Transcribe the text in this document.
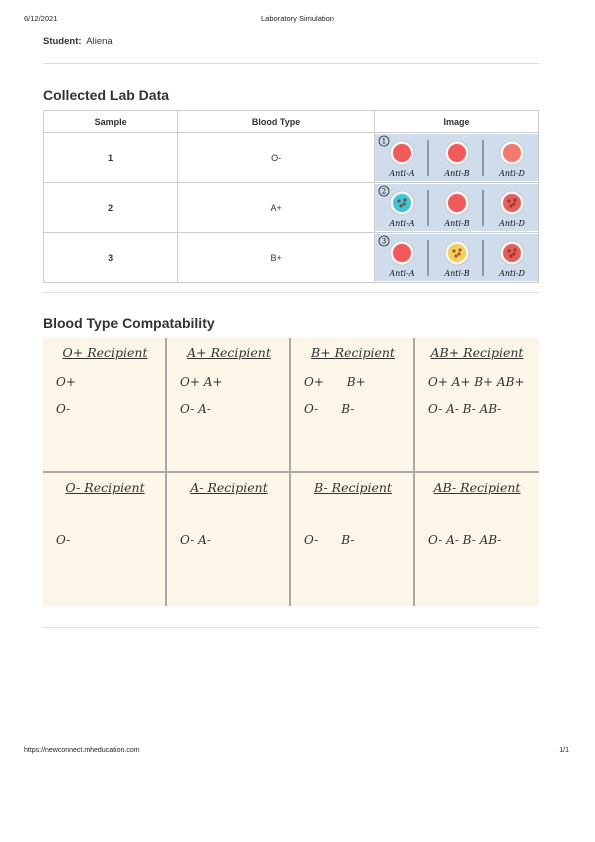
6/12/2021	Laboratory Simulation
Student: Aliena
Collected Lab Data
Sample	Blood Type	Image
1	O-	1
Anti-A Anti-B Anti-D

2	A+	2
Anti-A Anti-B Anti-D

3	B+	3
Anti-A Anti-B Anti-D
Blood Type Compatability
O+ Recipient
O+
O-
A+ Recipient
O+ A+
O- A-
B+ Recipient
O+      B+
O-      B-
AB+ Recipient
O+ A+ B+ AB+
O- A- B- AB-
O- Recipient
O-
A- Recipient
O- A-
B- Recipient
O-      B-
AB- Recipient
O- A- B- AB-
https://newconnect.mheducation.com	1/1
